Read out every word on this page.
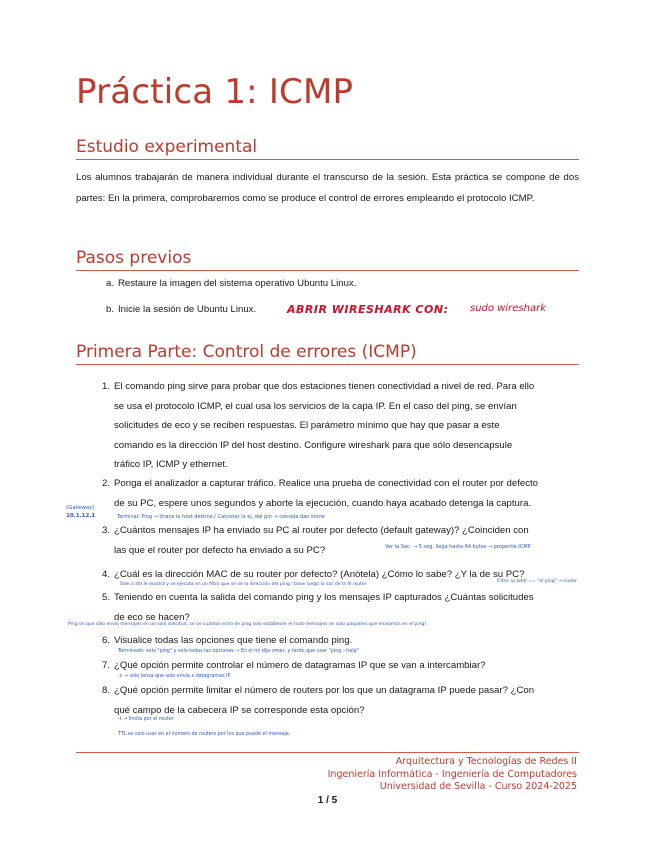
Práctica 1: ICMP
Estudio experimental
Los alumnos trabajarán de manera individual durante el transcurso de la sesión. Esta práctica se compone de dos partes: En la primera, comprobaremos como se produce el control de errores empleando el protocolo ICMP.
Pasos previos
a. Restaure la imagen del sistema operativo Ubuntu Linux.
b. Inicie la sesión de Ubuntu Linux.	ABRIR WIRESHARK CON: sudo wireshark
Primera Parte: Control de errores (ICMP)
1. El comando ping sirve para probar que dos estaciones tienen conectividad a nivel de red. Para ello
se usa el protocolo ICMP, el cual usa los servicios de la capa IP. En el caso del ping, se envían
solicitudes de eco y se reciben respuestas. El parámetro mínimo que hay que pasar a este
comando es la dirección IP del host destino. Configure wireshark para que sólo desencapsule
tráfico IP, ICMP y ethernet.
2. Ponga el analizador a capturar tráfico. Realice una prueba de conectividad con el router por defecto
de su PC, espere unos segundos y aborte la ejecución, cuando haya acabado detenga la captura.
(Gateway)
10.1.12.1	Terminal: Ping → ttrace la host destino / Cancelar la ej. del pin → consola dan stone
3. ¿Cuántos mensajes IP ha enviado su PC al router por defecto (default gateway)? ¿Coinciden con
las que el router por defecto ha enviado a su PC?	Ver la Sec. → 5 seg. llega hasta 64 bytes → propertie ICMP
4. ¿Cuál es la dirección MAC de su router por defecto? (Anótela) ¿Cómo lo sabe? ¿Y la de su PC?
Sale a ahí le mostrá y se ejecuta en un filtro que se ve la dirección del ping / brow luego la sac de la fil router
Filtro: ip.addr == "el ping" → router
5. Teniendo en cuenta la salida del comando ping y los mensajes IP capturados ¿Cuántas solicitudes
de eco se hacen?
Ping en que sólo envía mensajes en un solo solicitud, se ve cuantos echo de ping solo establecer el (solo mensajes en solo paquetes que envíamos en el ping)
6. Visualice todas las opciones que tiene el comando ping.
Terminado: solo "ping" y solo todas las opciones → En el mi dijo omer, y tanto que usar "ping --help"
7. ¿Qué opción permite controlar el número de datagramas IP que se van a intercambiar?
-c → solo lanza que solo envía x datagramas IP
8. ¿Qué opción permite limitar el número de routers por los que un datagrama IP puede pasar? ¿Con
qué campo de la cabecera IP se corresponde esta opción?
-t → limita por el router
TTL es solo usar en el número de routers por los que puede el mensaje.
Arquitectura y Tecnologías de Redes II
Ingeniería Informática - Ingeniería de Computadores
Universidad de Sevilla - Curso 2024-2025
1 / 5
